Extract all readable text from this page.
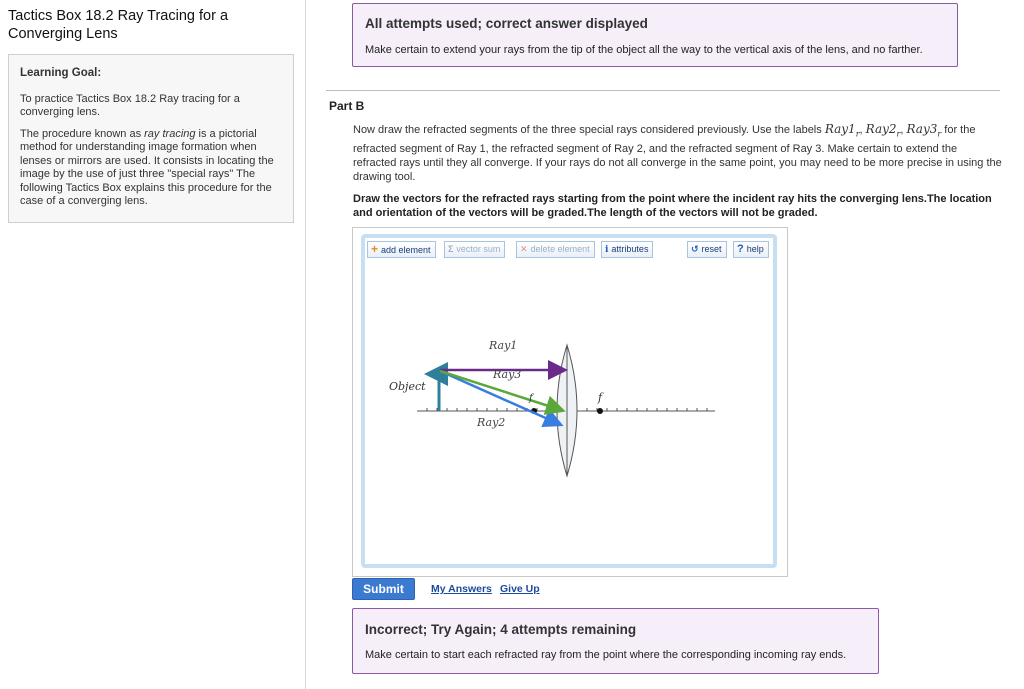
Tactics Box 18.2 Ray Tracing for a Converging Lens
Learning Goal:

To practice Tactics Box 18.2 Ray tracing for a converging lens.

The procedure known as ray tracing is a pictorial method for understanding image formation when lenses or mirrors are used. It consists in locating the image by the use of just three "special rays" The following Tactics Box explains this procedure for the case of a converging lens.

All attempts used; correct answer displayed
Make certain to extend your rays from the tip of the object all the way to the vertical axis of the lens, and no farther.
Part B
Now draw the refracted segments of the three special rays considered previously. Use the labels $Ray1_r$, $Ray2_r$, $Ray3_r$ for the refracted segment of Ray 1, the refracted segment of Ray 2, and the refracted segment of Ray 3. Make certain to extend the refracted rays until they all converge. If your rays do not all converge in the same point, you may need to be more precise in using the drawing tool.
Draw the vectors for the refracted rays starting from the point where the incident ray hits the converging lens.The location and orientation of the vectors will be graded.The length of the vectors will not be graded.
+ add element	Σ vector sum	✕ delete element	i attributes	↺ reset	? help
Ray1
Ray3
Ray2
Object
f	f
Submit	My Answers Give Up
Incorrect; Try Again; 4 attempts remaining
Make certain to start each refracted ray from the point where the corresponding incoming ray ends.
